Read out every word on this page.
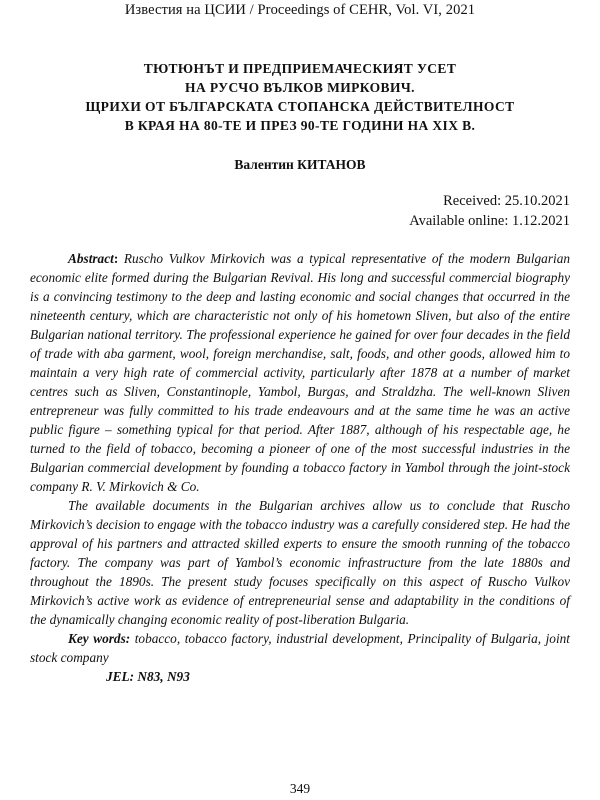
Известия на ЦСИИ / Proceedings of CEHR, Vol. VI, 2021
ТЮТЮНЪТ И ПРЕДПРИЕМАЧЕСКИЯТ УСЕТ
НА РУСЧО ВЪЛКОВ МИРКОВИЧ.
ЩРИХИ ОТ БЪЛГАРСКАТА СТОПАНСКА ДЕЙСТВИТЕЛНОСТ
В КРАЯ НА 80-ТЕ И ПРЕЗ 90-ТЕ ГОДИНИ НА XIX В.
Валентин КИТАНОВ
Received: 25.10.2021
Available online: 1.12.2021

Abstract: Ruscho Vulkov Mirkovich was a typical representative of the modern Bulgarian economic elite formed during the Bulgarian Revival. His long and successful commercial biography is a convincing testimony to the deep and lasting economic and social changes that occurred in the nineteenth century, which are characteristic not only of his hometown Sliven, but also of the entire Bulgarian national territory. The professional experience he gained for over four decades in the field of trade with aba garment, wool, foreign merchandise, salt, foods, and other goods, allowed him to maintain a very high rate of commercial activity, particularly after 1878 at a number of market centres such as Sliven, Constantinople, Yambol, Burgas, and Straldzha. The well-known Sliven entrepreneur was fully committed to his trade endeavours and at the same time he was an active public figure – something typical for that period. After 1887, although of his respectable age, he turned to the field of tobacco, becoming a pioneer of one of the most successful industries in the Bulgarian commercial development by founding a tobacco factory in Yambol through the joint-stock company R. V. Mirkovich & Co.

The available documents in the Bulgarian archives allow us to conclude that Ruscho Mirkovich’s decision to engage with the tobacco industry was a carefully considered step. He had the approval of his partners and attracted skilled experts to ensure the smooth running of the tobacco factory. The company was part of Yambol’s economic infrastructure from the late 1880s and throughout the 1890s. The present study focuses specifically on this aspect of Ruscho Vulkov Mirkovich’s active work as evidence of entrepreneurial sense and adaptability in the conditions of the dynamically changing economic reality of post-liberation Bulgaria.

Key words: tobacco, tobacco factory, industrial development, Principality of Bulgaria, joint stock company

JEL: N83, N93

349
